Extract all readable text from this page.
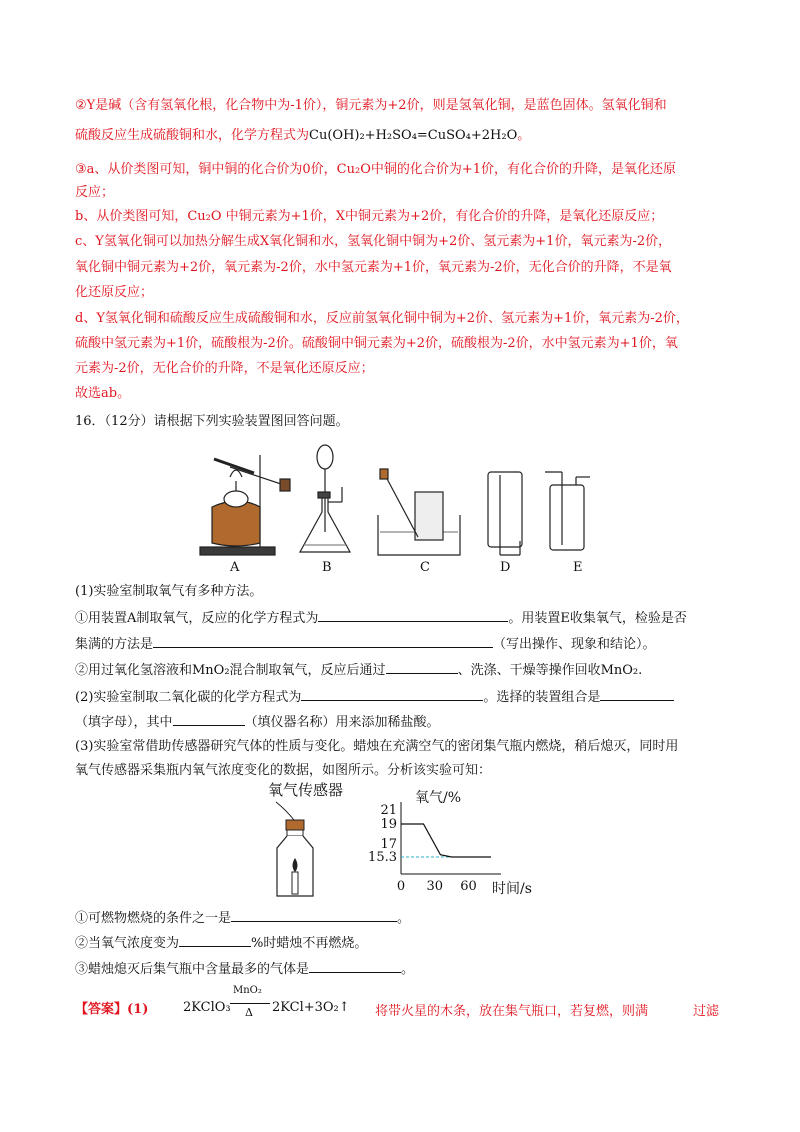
②Y是碱（含有氢氧化根，化合物中为-1价），铜元素为+2价，则是氢氧化铜，是蓝色固体。氢氧化铜和
硫酸反应生成硫酸铜和水，化学方程式为Cu(OH)₂+H₂SO₄=CuSO₄+2H₂O。
③a、从价类图可知，铜中铜的化合价为0价，Cu₂O中铜的化合价为+1价，有化合价的升降，是氧化还原
反应；
b、从价类图可知，Cu₂O 中铜元素为+1价，X中铜元素为+2价，有化合价的升降，是氧化还原反应；
c、Y氢氧化铜可以加热分解生成X氧化铜和水，氢氧化铜中铜为+2价、氢元素为+1价，氧元素为-2价，
氧化铜中铜元素为+2价，氧元素为-2价，水中氢元素为+1价，氧元素为-2价，无化合价的升降，不是氧
化还原反应；
d、Y氢氧化铜和硫酸反应生成硫酸铜和水，反应前氢氧化铜中铜为+2价、氢元素为+1价，氧元素为-2价，
硫酸中氢元素为+1价，硫酸根为-2价。硫酸铜中铜元素为+2价，硫酸根为-2价，水中氢元素为+1价，氧
元素为-2价，无化合价的升降，不是氧化还原反应；
故选ab。
16．（12分）请根据下列实验装置图回答问题。
A	B	C	D	E
(1)实验室制取氧气有多种方法。
①用装置A制取氧气，反应的化学方程式为	。用装置E收集氧气，检验是否
集满的方法是	（写出操作、现象和结论）。
②用过氧化氢溶液和MnO₂混合制取氧气，反应后通过	、洗涤、干燥等操作回收MnO₂.
(2)实验室制取二氧化碳的化学方程式为	。选择的装置组合是
（填字母），其中	（填仪器名称）用来添加稀盐酸。
(3)实验室常借助传感器研究气体的性质与变化。蜡烛在充满空气的密闭集气瓶内燃烧，稍后熄灭，同时用
氧气传感器采集瓶内氧气浓度变化的数据，如图所示。分析该实验可知：
氧气传感器
21
19
17
15.3
0 30 60
氧气/%
时间/s
①可燃物燃烧的条件之一是	。
②当氧气浓度变为	%时蜡烛不再燃烧。
③蜡烛熄灭后集气瓶中含量最多的气体是	。
【答案】(1)	2KClO₃
MnO₂
Δ 2KCl+3O₂↑ 将带火星的木条，放在集气瓶口，若复燃，则满	过滤
